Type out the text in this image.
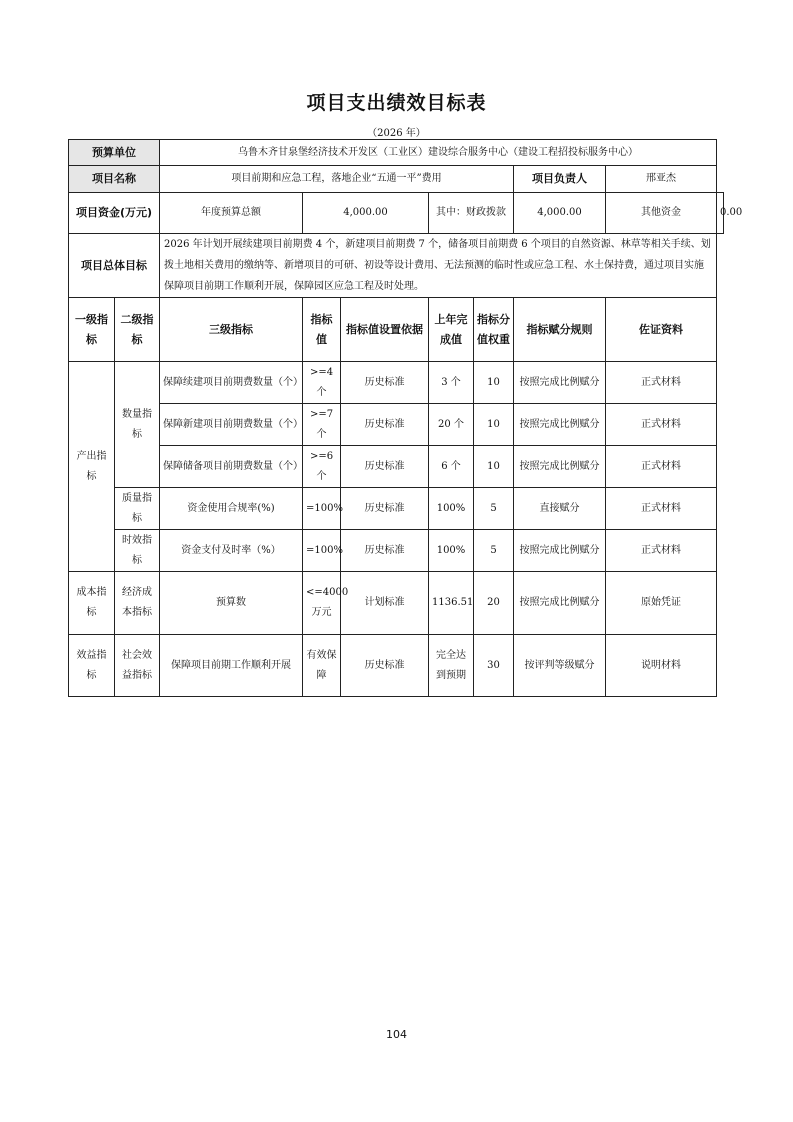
项目支出绩效目标表
（2026 年）
预算单位		乌鲁木齐甘泉堡经济技术开发区（工业区）建设综合服务中心（建设工程招投标服务中心）							
项目名称		项目前期和应急工程，落地企业“五通一平”费用					项目负责人	邢亚杰	
项目资金(万元)		年度预算总额	4,000.00		其中：财政拨款		4,000.00	其他资金	0.00
项目总体目标		2026 年计划开展续建项目前期费 4 个，新建项目前期费 7 个，储备项目前期费 6 个项目的自然资源、林草等相关手续、划拨土地相关费用的缴纳等、新增项目的可研、初设等设计费用、无法预测的临时性或应急工程、水土保持费，通过项目实施保障项目前期工作顺利开展，保障园区应急工程及时处理。							
一级指标	二级指标	三级指标	指标值	指标值设置依据	上年完成值	指标分值权重	指标赋分规则	佐证资料	
产出指标	数量指标	保障续建项目前期费数量（个）	>=4个	历史标准	3 个	10	按照完成比例赋分	正式材料	
		保障新建项目前期费数量（个）	>=7个	历史标准	20 个	10	按照完成比例赋分	正式材料	
		保障储备项目前期费数量（个）	>=6个	历史标准	6 个	10	按照完成比例赋分	正式材料	
	质量指标	资金使用合规率(%)	=100%	历史标准	100%	5	直接赋分	正式材料	
	时效指标	资金支付及时率（%）	=100%	历史标准	100%	5	按照完成比例赋分	正式材料	
成本指标	经济成本指标	预算数	<=4000万元	计划标准	1136.51	20	按照完成比例赋分	原始凭证	
效益指标	社会效益指标	保障项目前期工作顺利开展	有效保障	历史标准	完全达到预期	30	按评判等级赋分	说明材料	
104
